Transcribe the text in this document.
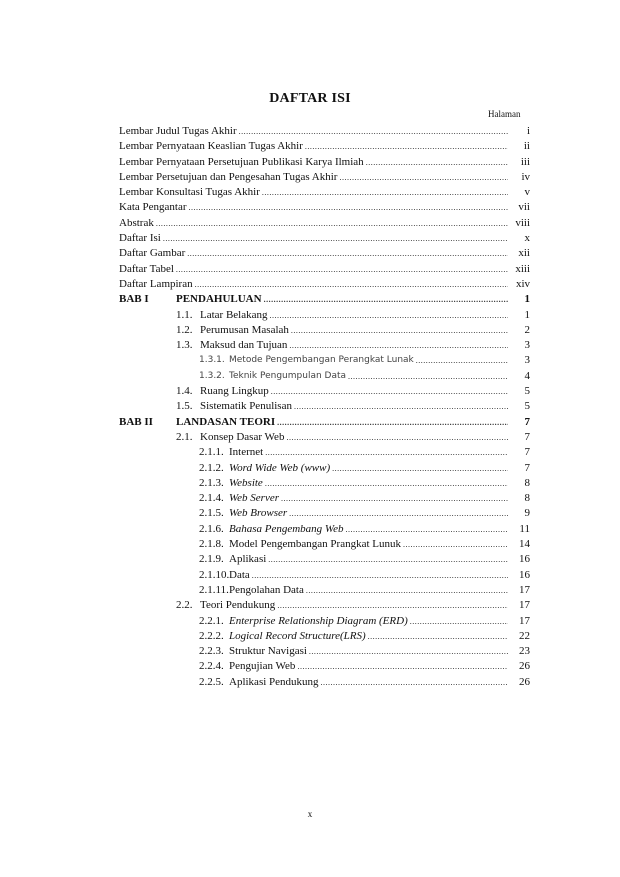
DAFTAR ISI
Halaman
Lembar Judul Tugas Akhir .....	i
Lembar Pernyataan Keaslian Tugas Akhir .....	ii
Lembar Pernyataan Persetujuan Publikasi Karya Ilmiah .....	iii
Lembar Persetujuan dan Pengesahan Tugas Akhir .....	iv
Lembar Konsultasi Tugas Akhir .....	v
Kata Pengantar .....	vii
Abstrak .....	viii
Daftar Isi .....	x
Daftar Gambar .....	xii
Daftar Tabel .....	xiii
Daftar Lampiran .....	xiv
BAB I	PENDAHULUAN .....	1
1.1. Latar Belakang .....	1
1.2. Perumusan Masalah .....	2
1.3. Maksud dan Tujuan .....	3
1.3.1. Metode Pengembangan Perangkat Lunak .....	3
1.3.2. Teknik Pengumpulan Data .....	4
1.4. Ruang Lingkup .....	5
1.5. Sistematik Penulisan .....	5
BAB II	LANDASAN TEORI .....	7
2.1. Konsep Dasar Web .....	7
2.1.1. Internet .....	7
2.1.2. Word Wide Web (www) .....	7
2.1.3. Website .....	8
2.1.4. Web Server .....	8
2.1.5. Web Browser .....	9
2.1.6. Bahasa Pengembang Web .....	11
2.1.8. Model Pengembangan Prangkat Lunuk .....	14
2.1.9. Aplikasi .....	16
2.1.10. Data .....	16
2.1.11. Pengolahan Data .....	17
2.2. Teori Pendukung .....	17
2.2.1. Enterprise Relationship Diagram (ERD) .....	17
2.2.2. Logical Record Structure(LRS) .....	22
2.2.3. Struktur Navigasi .....	23
2.2.4. Pengujian Web .....	26
2.2.5. Aplikasi Pendukung .....	26
x
